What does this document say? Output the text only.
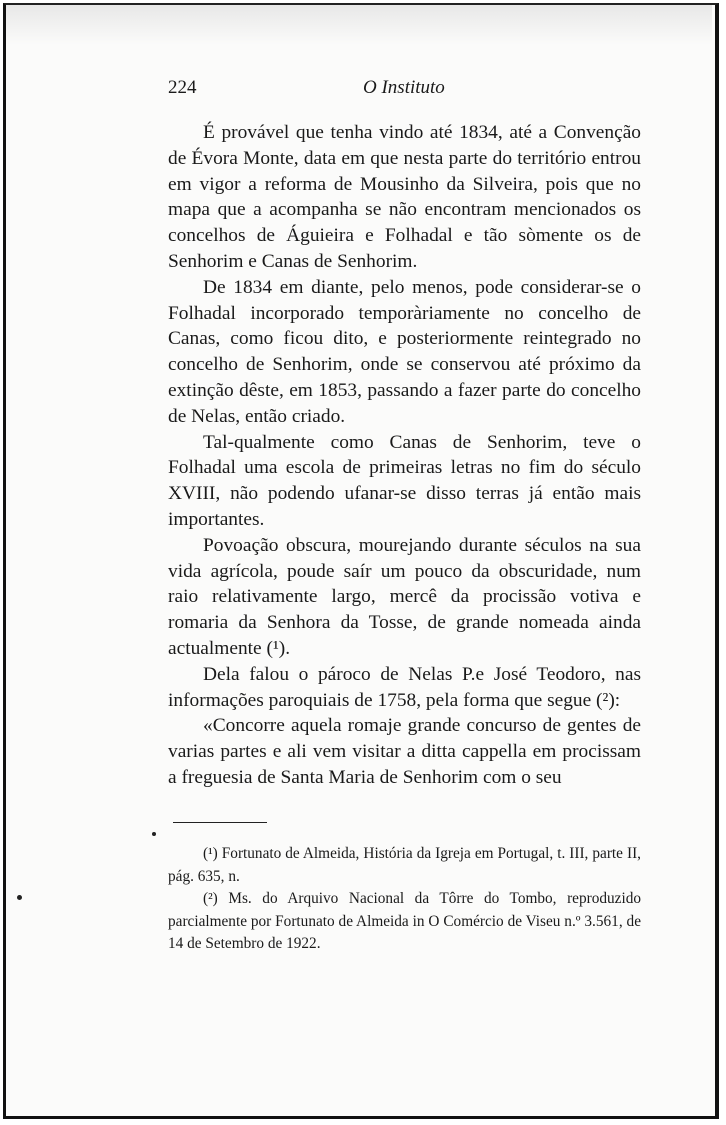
224	O Instituto

É provável que tenha vindo até 1834, até a Convenção de Évora Monte, data em que nesta parte do território entrou em vigor a reforma de Mousinho da Silveira, pois que no mapa que a acompanha se não encontram mencionados os concelhos de Águieira e Folhadal e tão sòmente os de Senhorim e Canas de Senhorim.

De 1834 em diante, pelo menos, pode considerar-se o Folhadal incorporado temporàriamente no concelho de Canas, como ficou dito, e posteriormente reintegrado no concelho de Senhorim, onde se conservou até próximo da extinção dêste, em 1853, passando a fazer parte do concelho de Nelas, então criado.

Tal-qualmente como Canas de Senhorim, teve o Folhadal uma escola de primeiras letras no fim do século XVIII, não podendo ufanar-se disso terras já então mais importantes.

Povoação obscura, mourejando durante séculos na sua vida agrícola, poude saír um pouco da obscuridade, num raio relativamente largo, mercê da procissão votiva e romaria da Senhora da Tosse, de grande nomeada ainda actualmente (¹).

Dela falou o pároco de Nelas P.e José Teodoro, nas informações paroquiais de 1758, pela forma que segue (²):

«Concorre aquela romaje grande concurso de gentes de varias partes e ali vem visitar a ditta cappella em procissam a freguesia de Santa Maria de Senhorim com o seu

(¹) Fortunato de Almeida, História da Igreja em Portugal, t. III, parte II, pág. 635, n.

(²) Ms. do Arquivo Nacional da Tôrre do Tombo, reproduzido parcialmente por Fortunato de Almeida in O Comércio de Viseu n.º 3.561, de 14 de Setembro de 1922.
